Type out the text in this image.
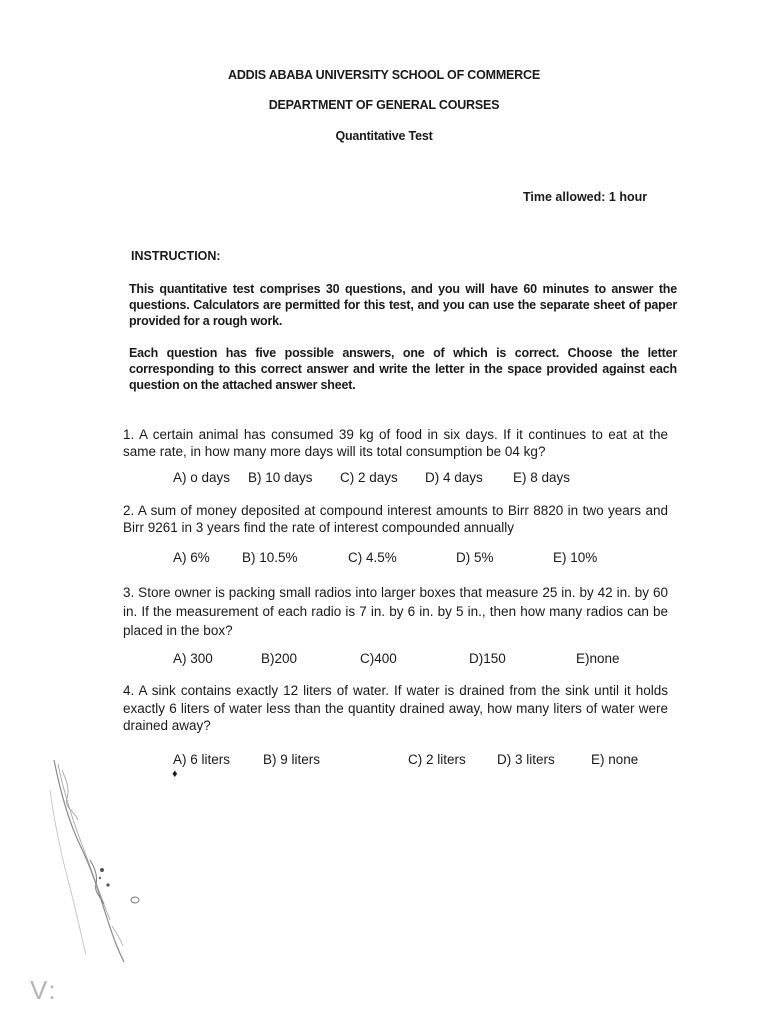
ADDIS ABABA UNIVERSITY SCHOOL OF COMMERCE
DEPARTMENT OF GENERAL COURSES
Quantitative Test
Time allowed: 1 hour
INSTRUCTION:
This quantitative test comprises 30 questions, and you will have 60 minutes to answer the questions. Calculators are permitted for this test, and you can use the separate sheet of paper provided for a rough work.
Each question has five possible answers, one of which is correct. Choose the letter corresponding to this correct answer and write the letter in the space provided against each question on the attached answer sheet.
1. A certain animal has consumed 39 kg of food in six days. If it continues to eat at the same rate, in how many more days will its total consumption be 04 kg?
A) o days B) 10 days C) 2 days D) 4 days E) 8 days
2. A sum of money deposited at compound interest amounts to Birr 8820 in two years and Birr 9261 in 3 years find the rate of interest compounded annually
A) 6% B) 10.5%	C) 4.5%	D) 5%	E) 10%
3. Store owner is packing small radios into larger boxes that measure 25 in. by 42 in. by 60 in. If the measurement of each radio is 7 in. by 6 in. by 5 in., then how many radios can be placed in the box?
A) 300	B)200	C)400	D)150	E)none
4. A sink contains exactly 12 liters of water. If water is drained from the sink until it holds exactly 6 liters of water less than the quantity drained away, how many liters of water were drained away?
A) 6 liters B) 9 liters	C) 2 liters D) 3 liters	E) none
♦
V:
